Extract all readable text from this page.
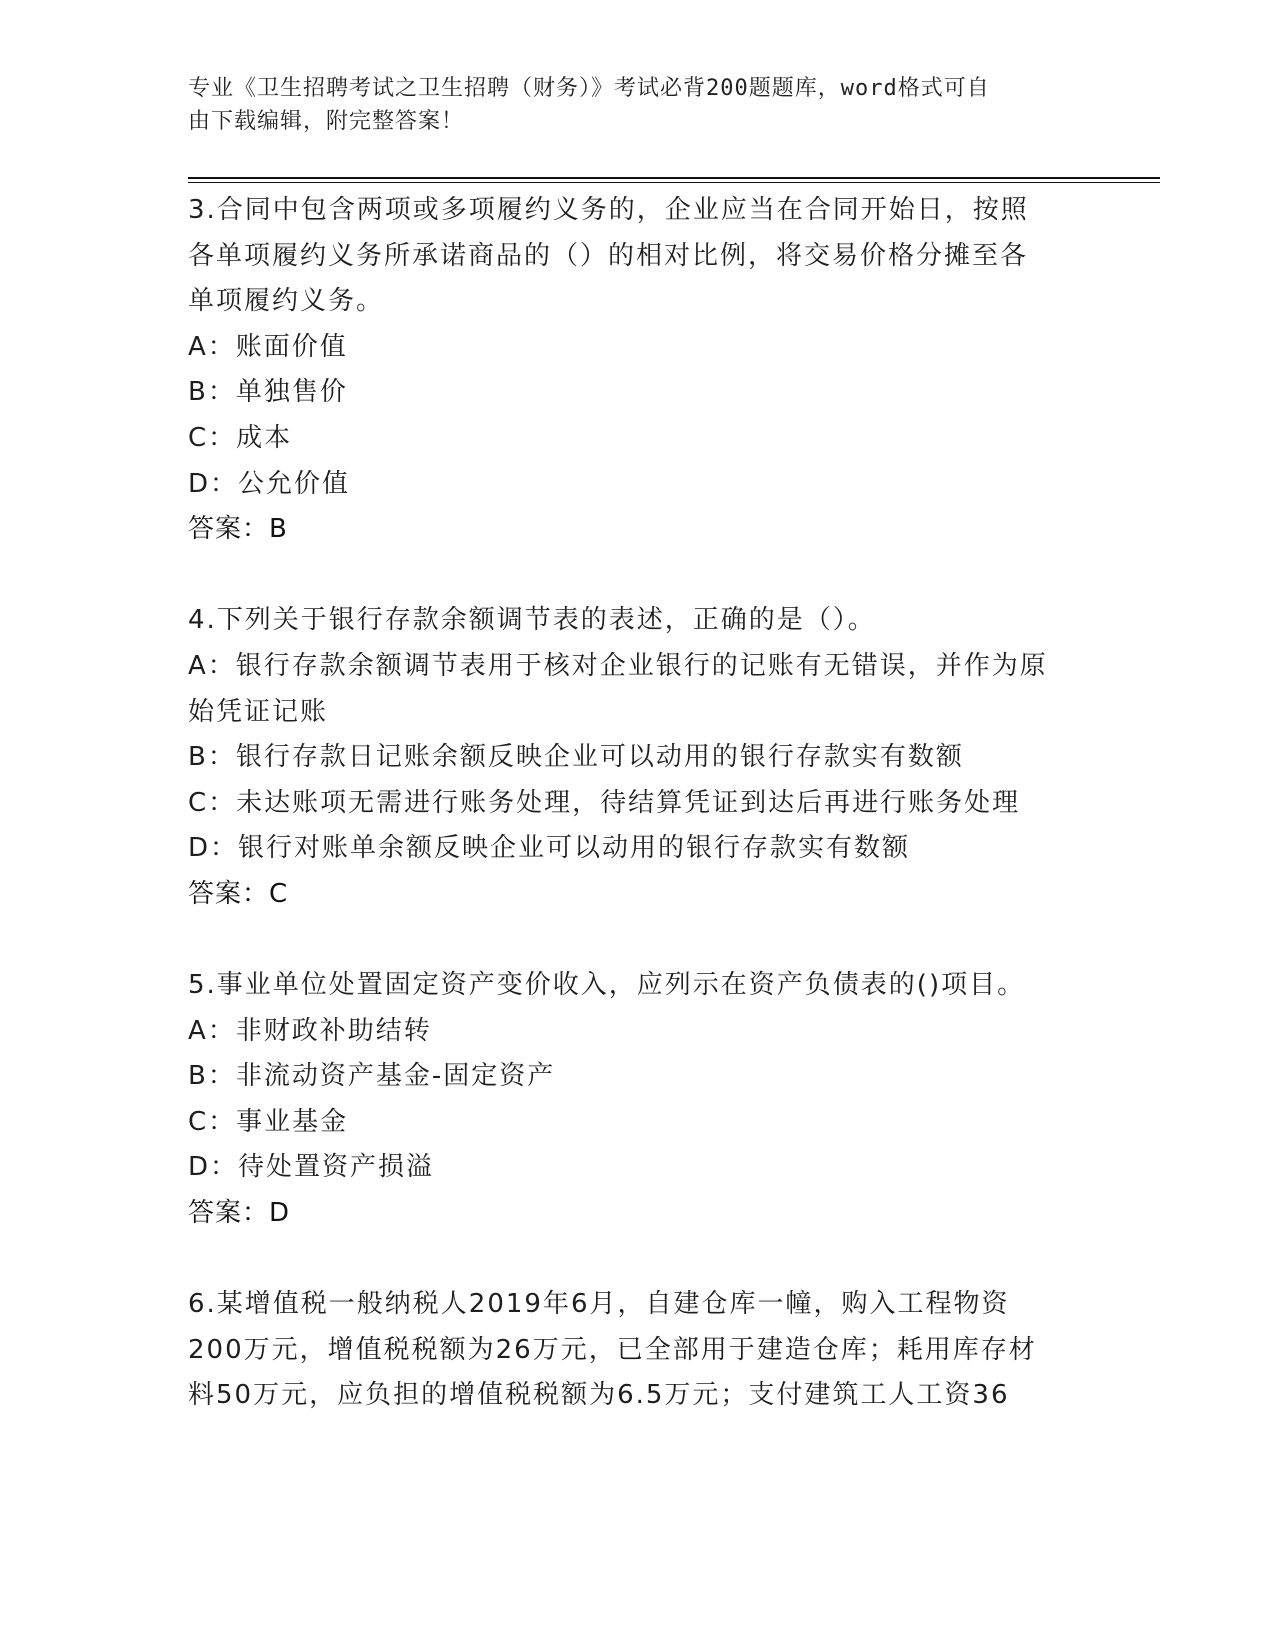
专业《卫生招聘考试之卫生招聘（财务）》考试必背200题题库，word格式可自
由下载编辑，附完整答案！
3.合同中包含两项或多项履约义务的，企业应当在合同开始日，按照
各单项履约义务所承诺商品的（）的相对比例，将交易价格分摊至各
单项履约义务。
A：账面价值
B：单独售价
C：成本
D：公允价值
答案：B
4.下列关于银行存款余额调节表的表述，正确的是（）。
A：银行存款余额调节表用于核对企业银行的记账有无错误，并作为原
始凭证记账
B：银行存款日记账余额反映企业可以动用的银行存款实有数额
C：未达账项无需进行账务处理，待结算凭证到达后再进行账务处理
D：银行对账单余额反映企业可以动用的银行存款实有数额
答案：C
5.事业单位处置固定资产变价收入，应列示在资产负债表的()项目。
A：非财政补助结转
B：非流动资产基金-固定资产
C：事业基金
D：待处置资产损溢
答案：D
6.某增值税一般纳税人2019年6月，自建仓库一幢，购入工程物资
200万元，增值税税额为26万元，已全部用于建造仓库；耗用库存材
料50万元，应负担的增值税税额为6.5万元；支付建筑工人工资36
